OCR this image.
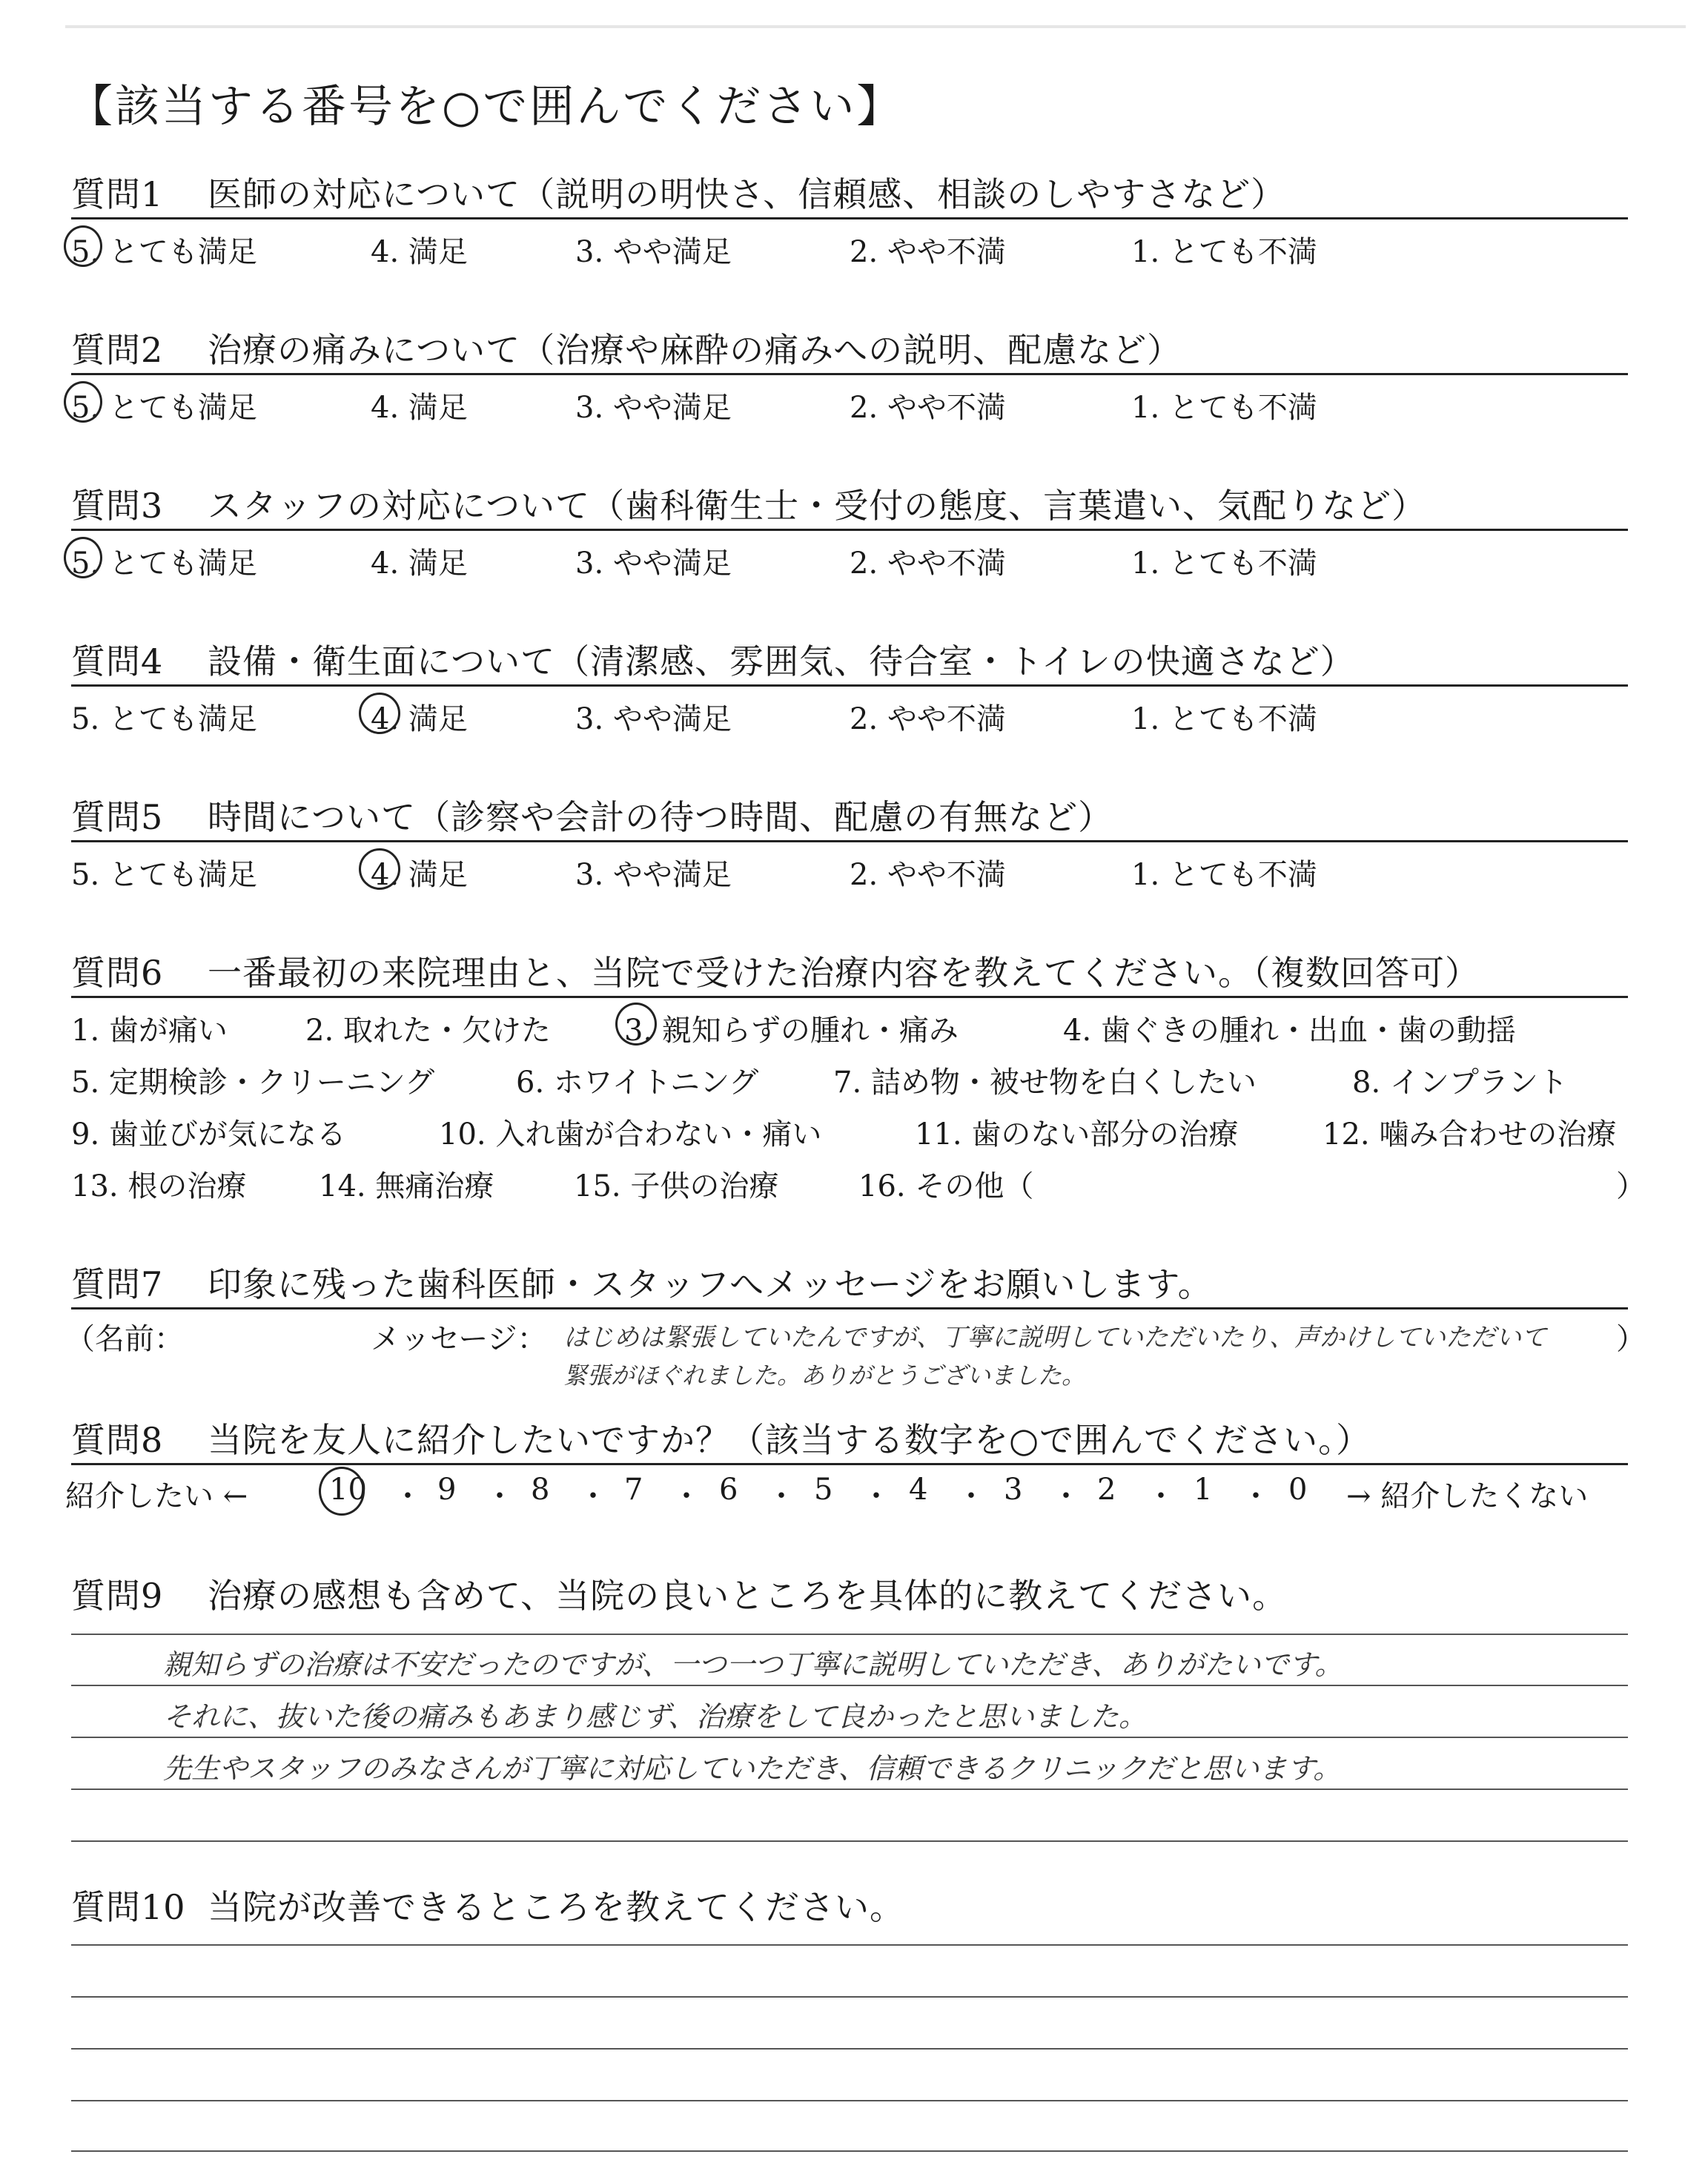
【該当する番号を○で囲んでください】
質問1 医師の対応について（説明の明快さ、信頼感、相談のしやすさなど）
5. とても満足	4. 満足	3. やや満足	2. やや不満	1. とても不満
質問2 治療の痛みについて（治療や麻酔の痛みへの説明、配慮など）
5. とても満足	4. 満足	3. やや満足	2. やや不満	1. とても不満
質問3 スタッフの対応について（歯科衛生士・受付の態度、言葉遣い、気配りなど）
5. とても満足	4. 満足	3. やや満足	2. やや不満	1. とても不満
質問4 設備・衛生面について（清潔感、雰囲気、待合室・トイレの快適さなど）
5. とても満足	4. 満足	3. やや満足	2. やや不満	1. とても不満
質問5 時間について（診察や会計の待つ時間、配慮の有無など）
5. とても満足	4. 満足	3. やや満足	2. やや不満	1. とても不満
質問6 一番最初の来院理由と、当院で受けた治療内容を教えてください。（複数回答可）
1. 歯が痛い	2. 取れた・欠けた 3. 親知らずの腫れ・痛み	4. 歯ぐきの腫れ・出血・歯の動揺
5. 定期検診・クリーニング	6. ホワイトニング	7. 詰め物・被せ物を白くしたい	8. インプラント
9. 歯並びが気になる	10. 入れ歯が合わない・痛い	11. 歯のない部分の治療	12. 噛み合わせの治療
13. 根の治療 14. 無痛治療	15. 子供の治療	16. その他（	）
質問7 印象に残った歯科医師・スタッフへメッセージをお願いします。
（名前：	メッセージ： はじめは緊張していたんですが、丁寧に説明していただいたり、声かけしていただいて
緊張がほぐれました。ありがとうございました。
）
質問8 当院を友人に紹介したいですか？（該当する数字を○で囲んでください。）
紹介したい ←	10 ・ 9 ・ 8 ・ 7 ・ 6 ・ 5 ・ 4 ・ 3 ・ 2 ・ 1 ・ 0 → 紹介したくない
質問9 治療の感想も含めて、当院の良いところを具体的に教えてください。
親知らずの治療は不安だったのですが、一つ一つ丁寧に説明していただき、ありがたいです。
それに、抜いた後の痛みもあまり感じず、治療をして良かったと思いました。
先生やスタッフのみなさんが丁寧に対応していただき、信頼できるクリニックだと思います。
質問10 当院が改善できるところを教えてください。
